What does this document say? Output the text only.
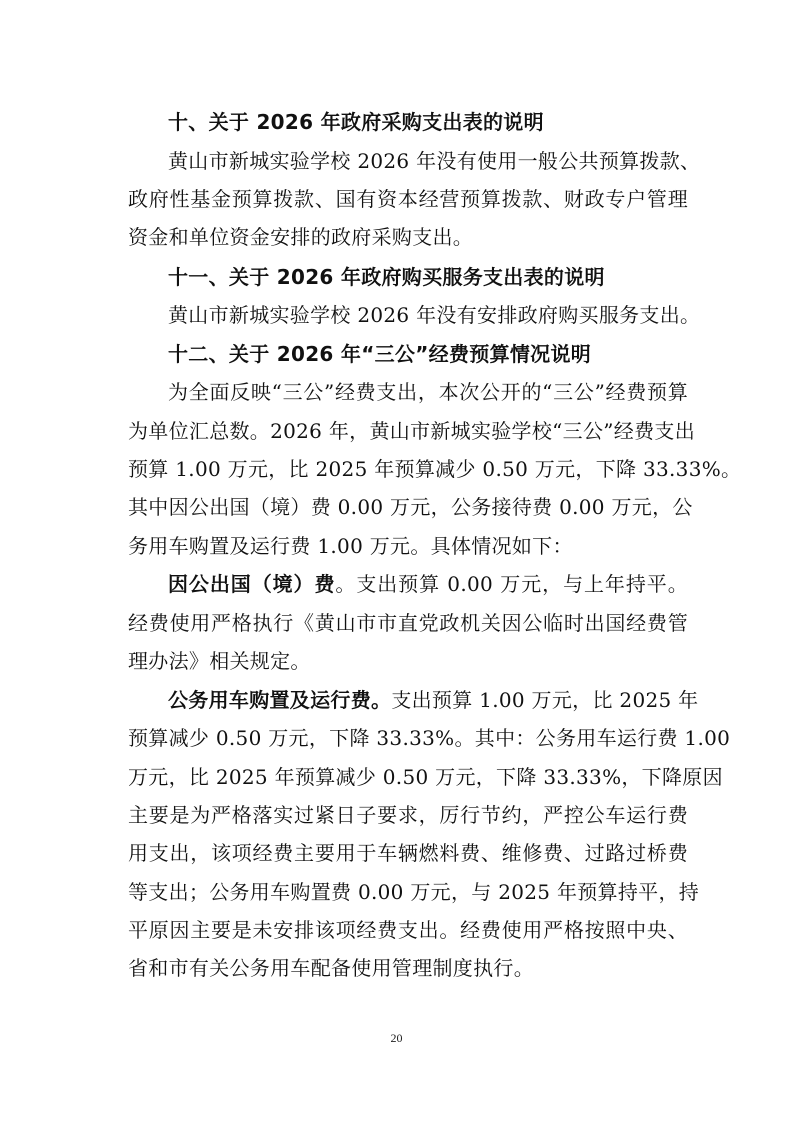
十、关于 2026 年政府采购支出表的说明
黄山市新城实验学校 2026 年没有使用一般公共预算拨款、
政府性基金预算拨款、国有资本经营预算拨款、财政专户管理
资金和单位资金安排的政府采购支出。
十一、关于 2026 年政府购买服务支出表的说明
黄山市新城实验学校 2026 年没有安排政府购买服务支出。
十二、关于 2026 年“三公”经费预算情况说明
为全面反映“三公”经费支出，本次公开的“三公”经费预算
为单位汇总数。2026 年，黄山市新城实验学校“三公”经费支出
预算 1.00 万元，比 2025 年预算减少 0.50 万元，下降 33.33%。
其中因公出国（境）费 0.00 万元，公务接待费 0.00 万元，公
务用车购置及运行费 1.00 万元。具体情况如下：
因公出国（境）费。支出预算 0.00 万元，与上年持平。
经费使用严格执行《黄山市市直党政机关因公临时出国经费管
理办法》相关规定。
公务用车购置及运行费。支出预算 1.00 万元，比 2025 年
预算减少 0.50 万元，下降 33.33%。其中：公务用车运行费 1.00
万元，比 2025 年预算减少 0.50 万元，下降 33.33%，下降原因
主要是为严格落实过紧日子要求，厉行节约，严控公车运行费
用支出，该项经费主要用于车辆燃料费、维修费、过路过桥费
等支出；公务用车购置费 0.00 万元，与 2025 年预算持平，持
平原因主要是未安排该项经费支出。经费使用严格按照中央、
省和市有关公务用车配备使用管理制度执行。
20
